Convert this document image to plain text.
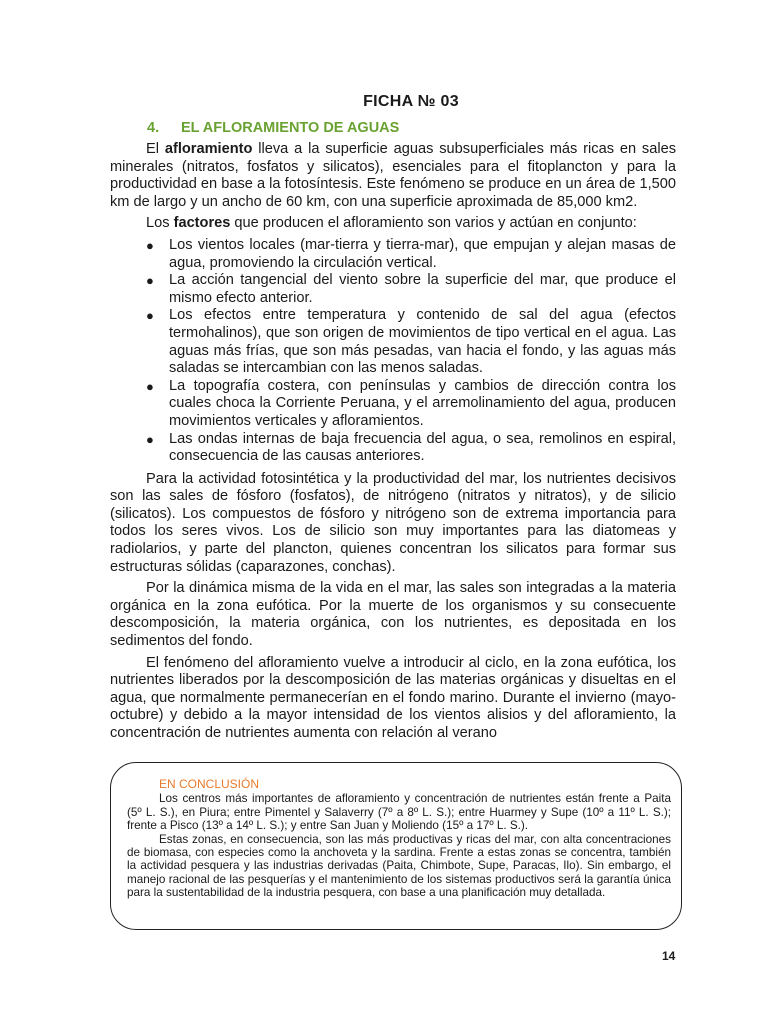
FICHA № 03
4. EL AFLORAMIENTO DE AGUAS

El afloramiento lleva a la superficie aguas subsuperficiales más ricas en sales minerales (nitratos, fosfatos y silicatos), esenciales para el fitoplancton y para la productividad en base a la fotosíntesis. Este fenómeno se produce en un área de 1,500 km de largo y un ancho de 60 km, con una superficie aproximada de 85,000 km2.

Los factores que producen el afloramiento son varios y actúan en conjunto:

● Los vientos locales (mar-tierra y tierra-mar), que empujan y alejan masas de agua, promoviendo la circulación vertical.
● La acción tangencial del viento sobre la superficie del mar, que produce el mismo efecto anterior.
● Los efectos entre temperatura y contenido de sal del agua (efectos termohalinos), que son origen de movimientos de tipo vertical en el agua. Las aguas más frías, que son más pesadas, van hacia el fondo, y las aguas más saladas se intercambian con las menos saladas.
● La topografía costera, con penínsulas y cambios de dirección contra los cuales choca la Corriente Peruana, y el arremolinamiento del agua, producen movimientos verticales y afloramientos.
● Las ondas internas de baja frecuencia del agua, o sea, remolinos en espiral, consecuencia de las causas anteriores.

Para la actividad fotosintética y la productividad del mar, los nutrientes decisivos son las sales de fósforo (fosfatos), de nitrógeno (nitratos y nitratos), y de silicio (silicatos). Los compuestos de fósforo y nitrógeno son de extrema importancia para todos los seres vivos. Los de silicio son muy importantes para las diatomeas y radiolarios, y parte del plancton, quienes concentran los silicatos para formar sus estructuras sólidas (caparazones, conchas).

Por la dinámica misma de la vida en el mar, las sales son integradas a la materia orgánica en la zona eufótica. Por la muerte de los organismos y su consecuente descomposición, la materia orgánica, con los nutrientes, es depositada en los sedimentos del fondo.

El fenómeno del afloramiento vuelve a introducir al ciclo, en la zona eufótica, los nutrientes liberados por la descomposición de las materias orgánicas y disueltas en el agua, que normalmente permanecerían en el fondo marino. Durante el invierno (mayo-octubre) y debido a la mayor intensidad de los vientos alisios y del afloramiento, la concentración de nutrientes aumenta con relación al verano

EN CONCLUSIÓN

Los centros más importantes de afloramiento y concentración de nutrientes están frente a Paita (5º L. S.), en Piura; entre Pimentel y Salaverry (7º a 8º L. S.); entre Huarmey y Supe (10º a 11º L. S.); frente a Pisco (13º a 14º L. S.); y entre San Juan y Moliendo (15º a 17º L. S.).

Estas zonas, en consecuencia, son las más productivas y ricas del mar, con alta concentraciones de biomasa, con especies como la anchoveta y la sardina. Frente a estas zonas se concentra, también la actividad pesquera y las industrias derivadas (Paita, Chimbote, Supe, Paracas, Ilo). Sin embargo, el manejo racional de las pesquerías y el mantenimiento de los sistemas productivos será la garantía única para la sustentabilidad de la industria pesquera, con base a una planificación muy detallada.

14
